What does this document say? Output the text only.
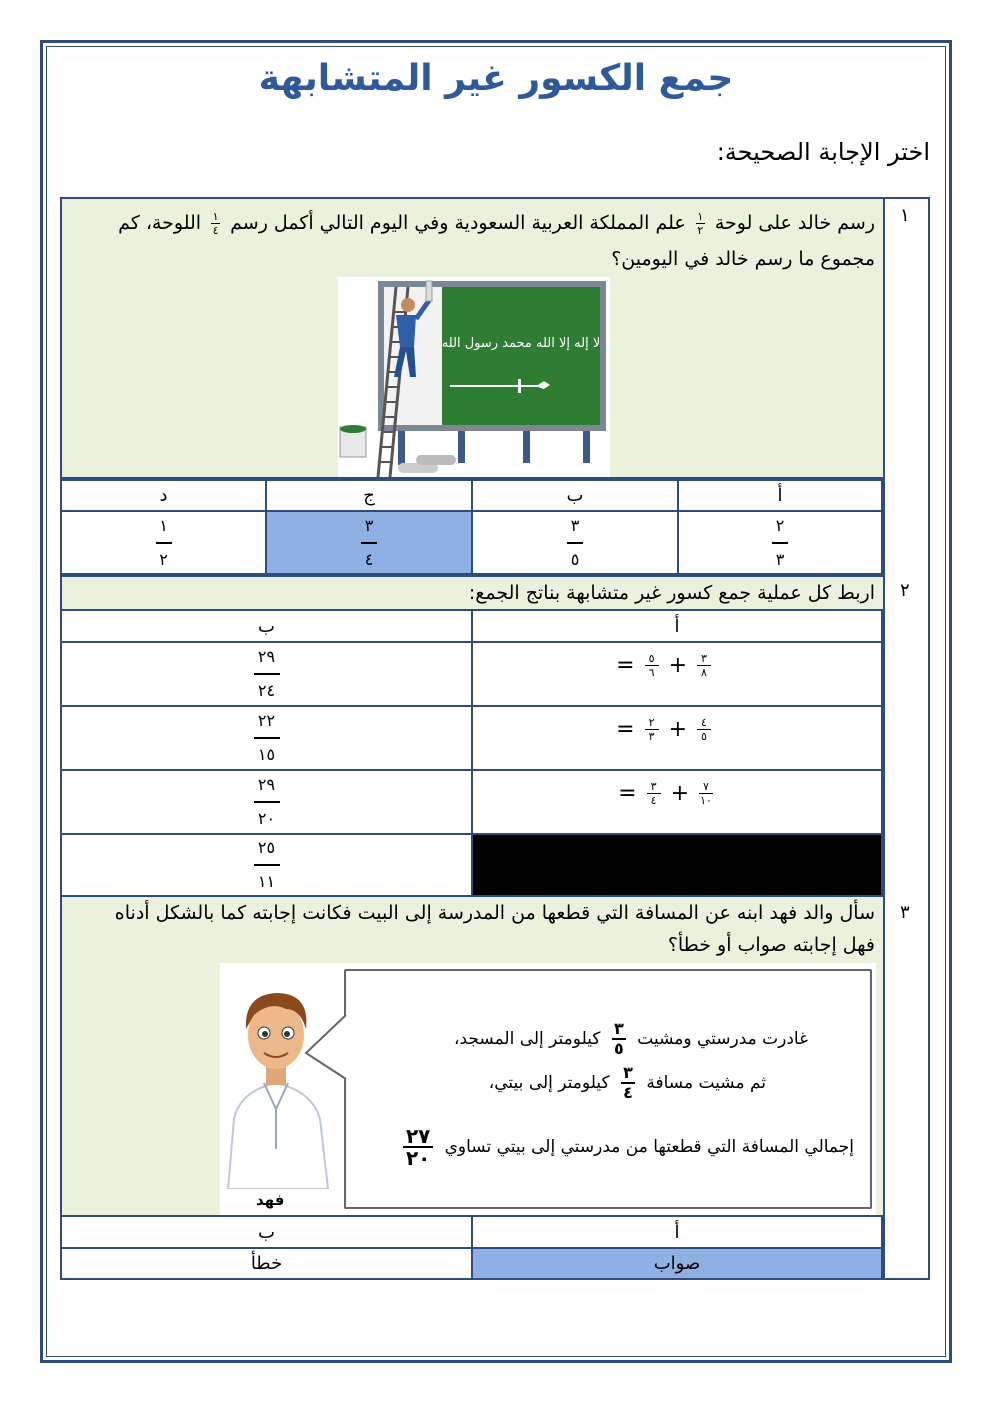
جمع الكسور غير المتشابهة
اختر الإجابة الصحيحة:
١
٢
٣
رسم خالد على لوحة
١
٢
علم المملكة العربية السعودية وفي اليوم التالي أكمل رسم
١
٤
اللوحة، كم
مجموع ما رسم خالد في اليومين؟
لا إله إلا الله محمد رسول الله
أ
ب
ج
د
$\frac{٢}{٣}$
$\frac{٣}{٥}$
$\frac{٣}{٤}$
$\frac{١}{٢}$
اربط كل عملية جمع كسور غير متشابهة بناتج الجمع:
أ
ب
٣
٨
+
٥
٦
=
$\frac{٢٩}{٢٤}$
٤
٥
+
٢
٣
=
$\frac{٢٢}{١٥}$
٧
١٠
+
٣
٤
=
$\frac{٢٩}{٢٠}$
$\frac{٢٥}{١١}$
سأل والد فهد ابنه عن المسافة التي قطعها من المدرسة إلى البيت فكانت إجابته كما بالشكل أدناه
فهل إجابته صواب أو خطأ؟
غادرت مدرستي ومشيت
٣
٥
كيلومتر إلى المسجد،
ثم مشيت مسافة
٣
٤
كيلومتر إلى بيتي،
إجمالي المسافة التي قطعتها من مدرستي إلى بيتي تساوي
٢٧
٢٠
فهد
أ
ب
صواب
خطأ
